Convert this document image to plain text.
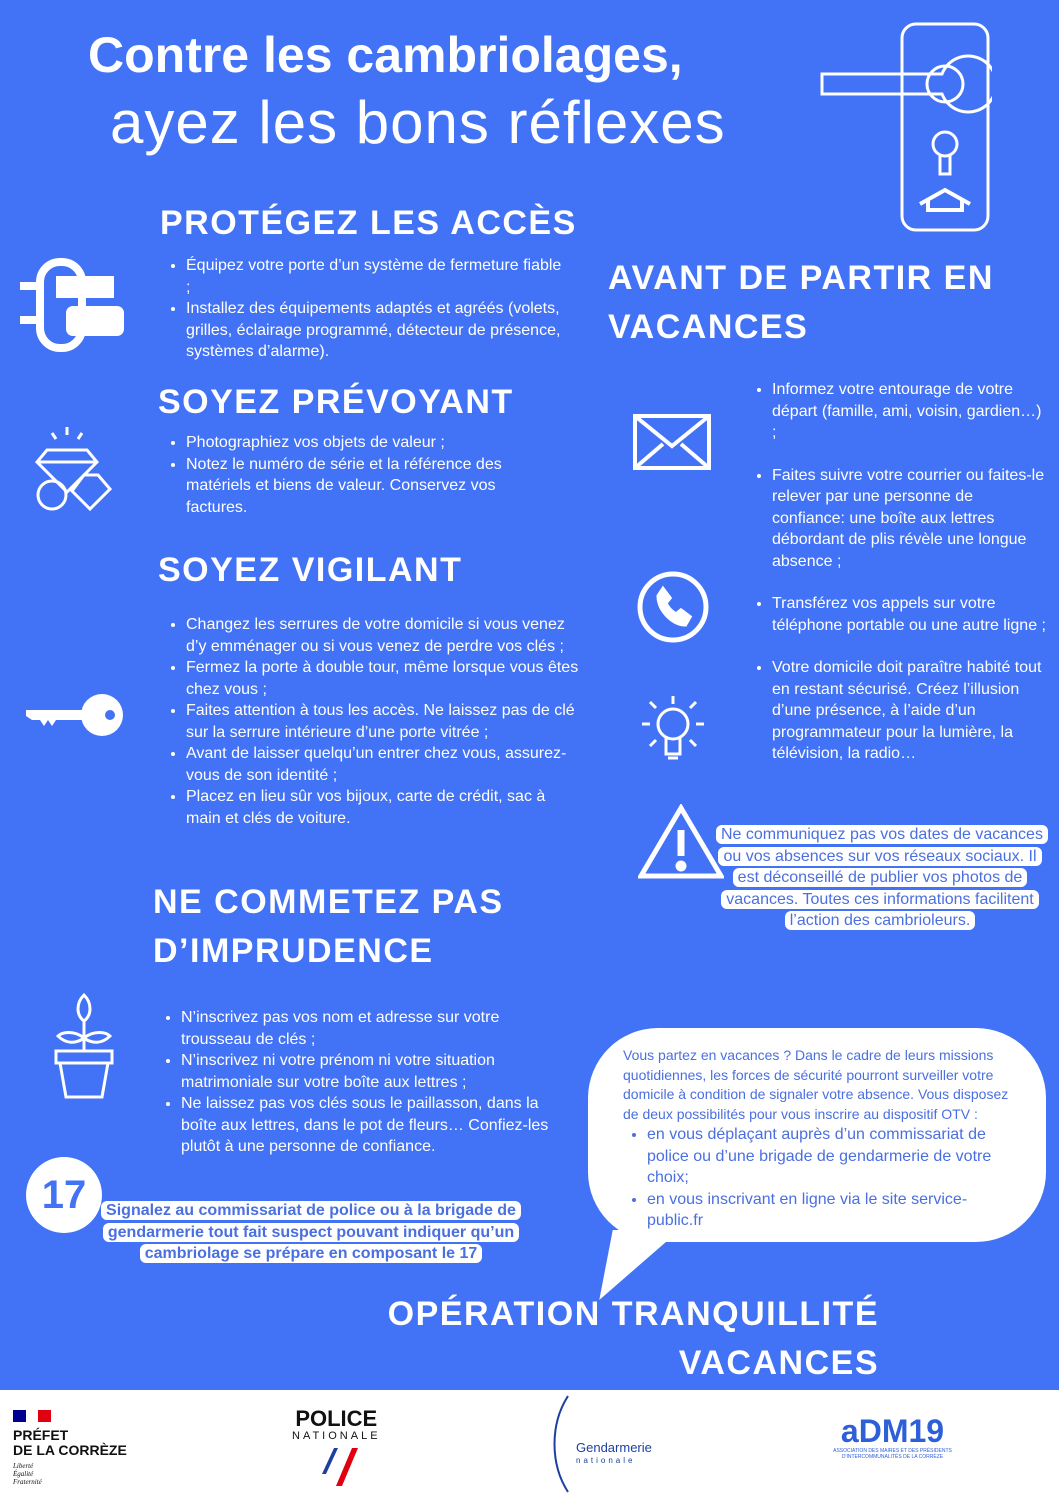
Contre les cambriolages,
ayez les bons réflexes
PROTÉGEZ LES ACCÈS
• Équipez votre porte d’un système de fermeture fiable ;
• Installez des équipements adaptés et agréés (volets, grilles, éclairage programmé, détecteur de présence, systèmes d’alarme).
SOYEZ PRÉVOYANT
• Photographiez vos objets de valeur ;
• Notez le numéro de série et la référence des matériels et biens de valeur. Conservez vos factures.
SOYEZ VIGILANT
• Changez les serrures de votre domicile si vous venez d’y emménager ou si vous venez de perdre vos clés ;
• Fermez la porte à double tour, même lorsque vous êtes chez vous ;
• Faites attention à tous les accès. Ne laissez pas de clé sur la serrure intérieure d’une porte vitrée ;
• Avant de laisser quelqu’un entrer chez vous, assurez-vous de son identité ;
• Placez en lieu sûr vos bijoux, carte de crédit, sac à main et clés de voiture.
NE COMMETEZ PAS
D’IMPRUDENCE
• N’inscrivez pas vos nom et adresse sur votre trousseau de clés ;
• N’inscrivez ni votre prénom ni votre situation matrimoniale sur votre boîte aux lettres ;
• Ne laissez pas vos clés sous le paillasson, dans la boîte aux lettres, dans le pot de fleurs… Confiez-les plutôt à une personne de confiance.
17	Signalez au commissariat de police ou à la brigade de gendarmerie tout fait suspect pouvant indiquer qu’un cambriolage se prépare en composant le 17
AVANT DE PARTIR EN
VACANCES
• Informez votre entourage de votre départ (famille, ami, voisin, gardien…) ;
• Faites suivre votre courrier ou faites-le relever par une personne de confiance: une boîte aux lettres débordant de plis révèle une longue absence ;
• Transférez vos appels sur votre téléphone portable ou une autre ligne ;
• Votre domicile doit paraître habité tout en restant sécurisé. Créez l’illusion d’une présence, à l’aide d’un programmateur pour la lumière, la télévision, la radio…
Ne communiquez pas vos dates de vacances ou vos absences sur vos réseaux sociaux. Il est déconseillé de publier vos photos de vacances. Toutes ces informations facilitent l’action des cambrioleurs.

Vous partez en vacances ? Dans le cadre de leurs missions quotidiennes, les forces de sécurité pourront surveiller votre domicile à condition de signaler votre absence. Vous disposez de deux possibilités pour vous inscrire au dispositif OTV :

• en vous déplaçant auprès d’un commissariat de police ou d’une brigade de gendarmerie de votre choix;
• en vous inscrivant en ligne via le site service-public.fr
OPÉRATION TRANQUILLITÉ
VACANCES
PRÉFET
DE LA CORRÈZE
Liberté
Égalité
Fraternité
POLICE
NATIONALE
Gendarmerie
nationale
aDM19
ASSOCIATION DES MAIRES ET DES PRÉSIDENTS D'INTERCOMMUNALITÉS DE LA CORRÈZE
